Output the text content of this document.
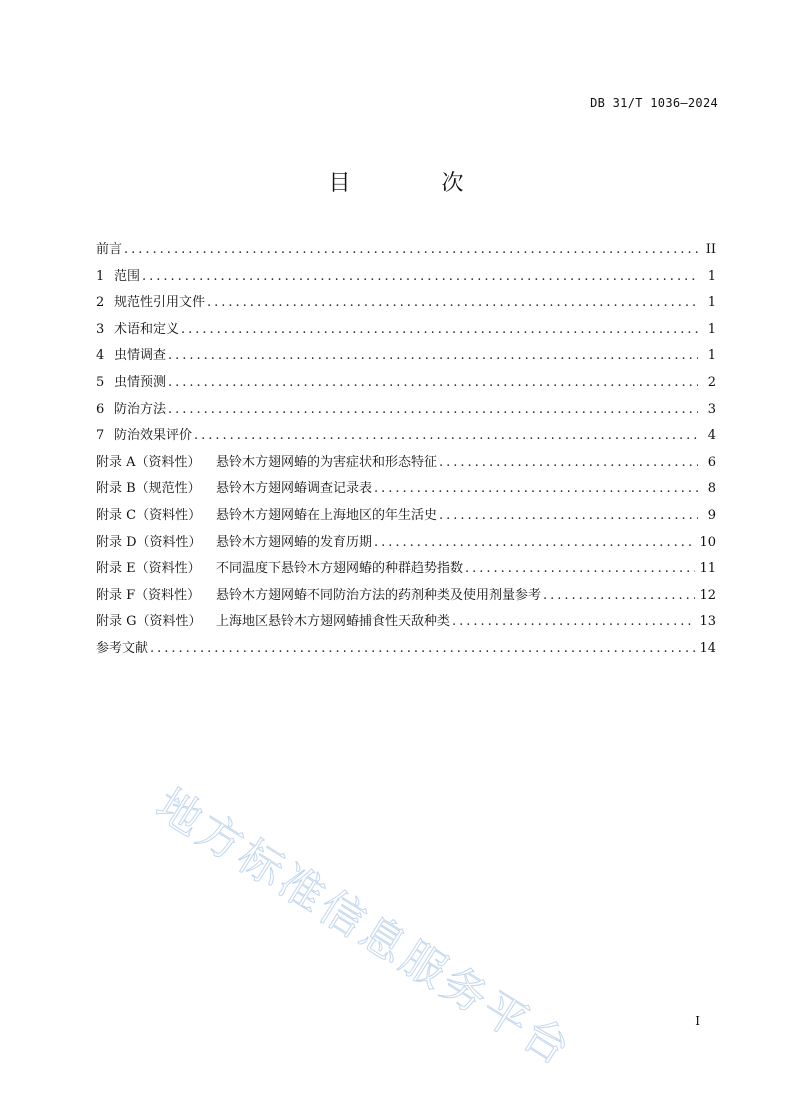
DB 31/T 1036—2024
目 次
前言 .....	II
1 范围 .....	1
2 规范性引用文件 .....	1
3 术语和定义 .....	1
4 虫情调查 .....	1
5 虫情预测 .....	2
6 防治方法 .....	3
7 防治效果评价 .....	4
附录 A（资料性）	悬铃木方翅网蝽的为害症状和形态特征 .....	6
附录 B（规范性）	悬铃木方翅网蝽调查记录表 .....	8
附录 C（资料性）	悬铃木方翅网蝽在上海地区的年生活史 .....	9
附录 D（资料性）	悬铃木方翅网蝽的发育历期 .....	10
附录 E（资料性）	不同温度下悬铃木方翅网蝽的种群趋势指数 .....	11
附录 F（资料性）	悬铃木方翅网蝽不同防治方法的药剂种类及使用剂量参考 .....	12
附录 G（资料性）	上海地区悬铃木方翅网蝽捕食性天敌种类 .....	13
参考文献 .....	14
地方标准信息服务平台	I
